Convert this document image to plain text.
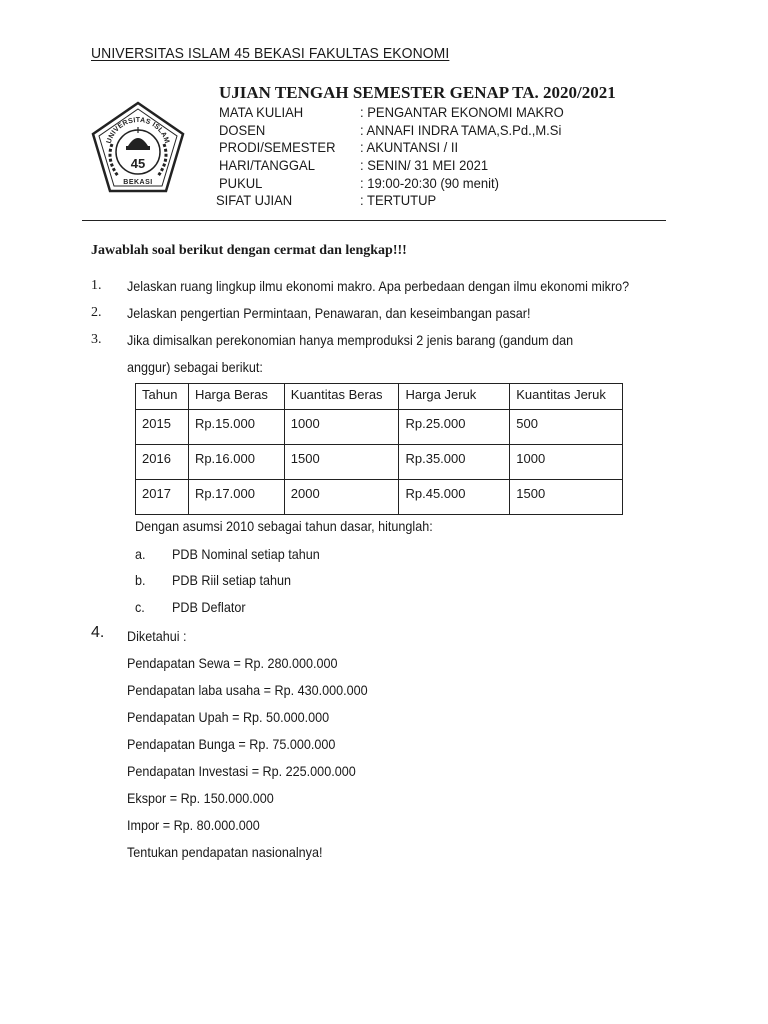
UNIVERSITAS ISLAM 45 BEKASI FAKULTAS EKONOMI
UNIVERSITAS ISLAM
45
BEKASI
UJIAN TENGAH SEMESTER GENAP TA. 2020/2021
MATA KULIAH	: PENGANTAR EKONOMI MAKRO
DOSEN	: ANNAFI INDRA TAMA,S.Pd.,M.Si
PRODI/SEMESTER : AKUNTANSI / II
HARI/TANGGAL	: SENIN/ 31 MEI 2021
PUKUL	: 19:00-20:30 (90 menit)
SIFAT UJIAN	: TERTUTUP
Jawablah soal berikut dengan cermat dan lengkap!!!
1. Jelaskan ruang lingkup ilmu ekonomi makro. Apa perbedaan dengan ilmu ekonomi mikro?
2. Jelaskan pengertian Permintaan, Penawaran, dan keseimbangan pasar!
3. Jika dimisalkan perekonomian hanya memproduksi 2 jenis barang (gandum dan
anggur) sebagai berikut:
Tahun	Harga Beras	Kuantitas Beras	Harga Jeruk	Kuantitas Jeruk
2015	Rp.15.000	1000	Rp.25.000	500
2016	Rp.16.000	1500	Rp.35.000	1000
2017	Rp.17.000	2000	Rp.45.000	1500
Dengan asumsi 2010 sebagai tahun dasar, hitunglah:
a. PDB Nominal setiap tahun
b. PDB Riil setiap tahun
c. PDB Deflator
4. Diketahui :
Pendapatan Sewa = Rp. 280.000.000
Pendapatan laba usaha = Rp. 430.000.000
Pendapatan Upah = Rp. 50.000.000
Pendapatan Bunga = Rp. 75.000.000
Pendapatan Investasi = Rp. 225.000.000
Ekspor = Rp. 150.000.000
Impor = Rp. 80.000.000
Tentukan pendapatan nasionalnya!
